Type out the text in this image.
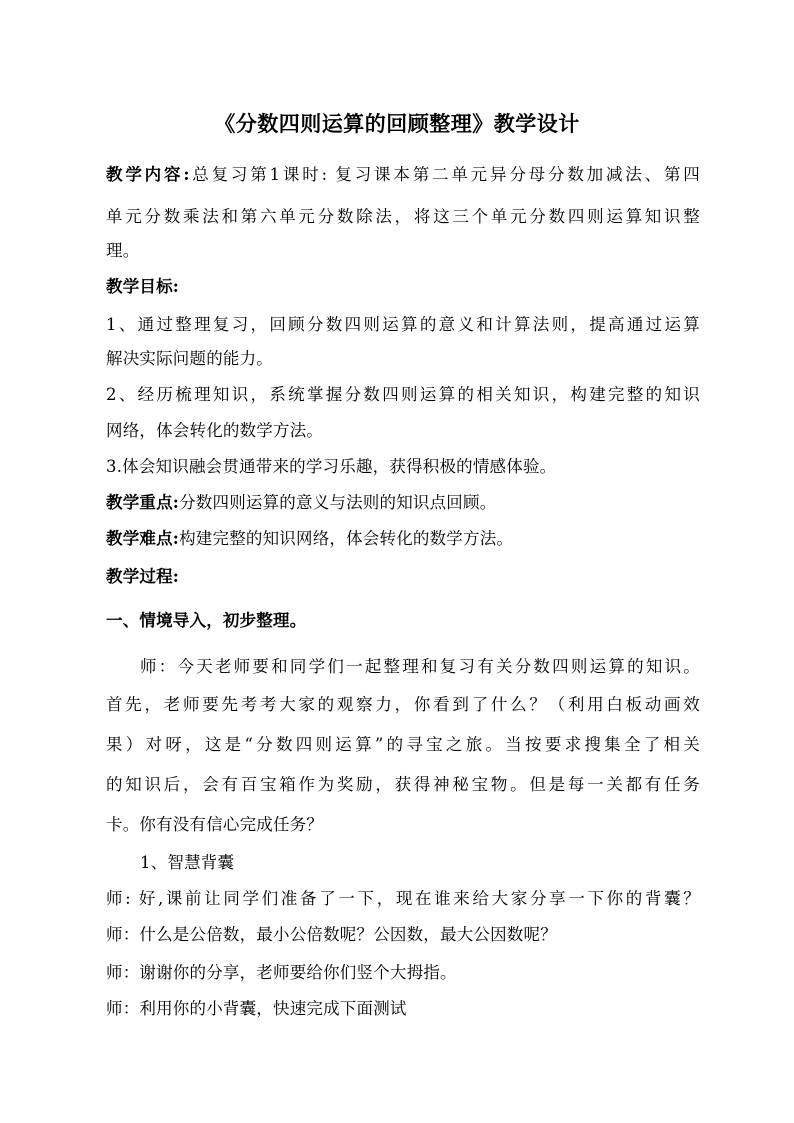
《分数四则运算的回顾整理》教学设计
教学内容:总复习第1课时: 复习课本第二单元异分母分数加减法、第四
单元分数乘法和第六单元分数除法，将这三个单元分数四则运算知识整
理。
教学目标:
1、通过整理复习，回顾分数四则运算的意义和计算法则，提高通过运算
解决实际问题的能力。
2、经历梳理知识，系统掌握分数四则运算的相关知识，构建完整的知识
网络，体会转化的数学方法。
3.体会知识融会贯通带来的学习乐趣，获得积极的情感体验。
教学重点:分数四则运算的意义与法则的知识点回顾。
教学难点:构建完整的知识网络，体会转化的数学方法。
教学过程:
一、情境导入，初步整理。
师：今天老师要和同学们一起整理和复习有关分数四则运算的知识。
首先，老师要先考考大家的观察力，你看到了什么？（利用白板动画效
果）对呀，这是“分数四则运算”的寻宝之旅。当按要求搜集全了相关
的知识后，会有百宝箱作为奖励，获得神秘宝物。但是每一关都有任务
卡。你有没有信心完成任务？
1、智慧背囊
师: 好,课前让同学们准备了一下，现在谁来给大家分享一下你的背囊？
师：什么是公倍数，最小公倍数呢？公因数，最大公因数呢？
师：谢谢你的分享，老师要给你们竖个大拇指。
师：利用你的小背囊，快速完成下面测试
